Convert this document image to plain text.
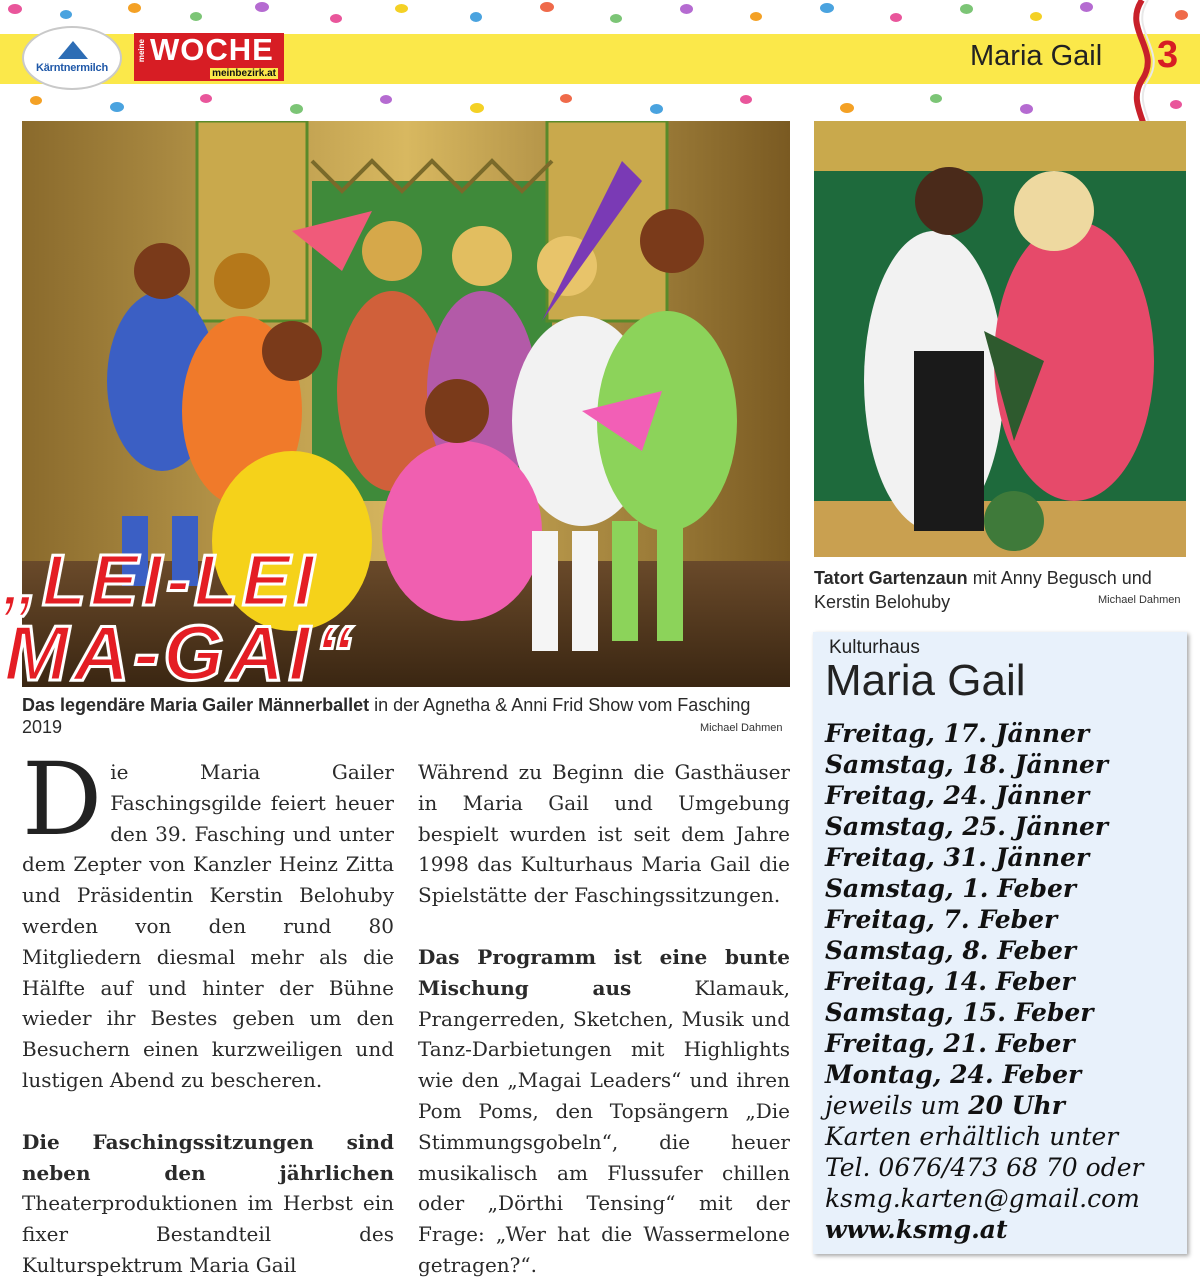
Kärntnermilch
meine WOCHE
meinbezirk.at
Maria Gail 3
„LEI-LEI
MA-GAI“
Das legendäre Maria Gailer Männerballet in der Agnetha & Anni Frid Show vom Fasching 2019	Michael Dahmen
Tatort Gartenzaun mit Anny Begusch und Kerstin Belohuby	Michael Dahmen

Die Maria Gailer Faschingsgilde feiert heuer den 39. Fasching und unter dem Zepter von Kanzler Heinz Zitta und Präsidentin Kerstin Belohuby werden von den rund 80 Mitgliedern diesmal mehr als die Hälfte auf und hinter der Bühne wieder ihr Bestes geben um den Besuchern einen kurzweiligen und lustigen Abend zu bescheren.

Die Faschingssitzungen sind neben den jährlichen Theaterproduktionen im Herbst ein fixer Bestandteil des Kulturspektrum Maria Gail

Während zu Beginn die Gasthäuser in Maria Gail und Umgebung bespielt wurden ist seit dem Jahre 1998 das Kulturhaus Maria Gail die Spielstätte der Faschingssitzungen.

Das Programm ist eine bunte Mischung aus Klamauk, Prangerreden, Sketchen, Musik und Tanz-Darbietungen mit Highlights wie den „Magai Leaders“ und ihren Pom Poms, den Topsängern „Die Stimmungsgobeln“, die heuer musikalisch am Flussufer chillen oder „Dörthi Tensing“ mit der Frage: „Wer hat die Wassermelone getragen?“.

Kulturhaus
Maria Gail
Freitag, 17. Jänner
Samstag, 18. Jänner
Freitag, 24. Jänner
Samstag, 25. Jänner
Freitag, 31. Jänner
Samstag, 1. Feber
Freitag, 7. Feber
Samstag, 8. Feber
Freitag, 14. Feber
Samstag, 15. Feber
Freitag, 21. Feber
Montag, 24. Feber
jeweils um 20 Uhr
Karten erhältlich unter
Tel. 0676/473 68 70 oder
ksmg.karten@gmail.com
www.ksmg.at
